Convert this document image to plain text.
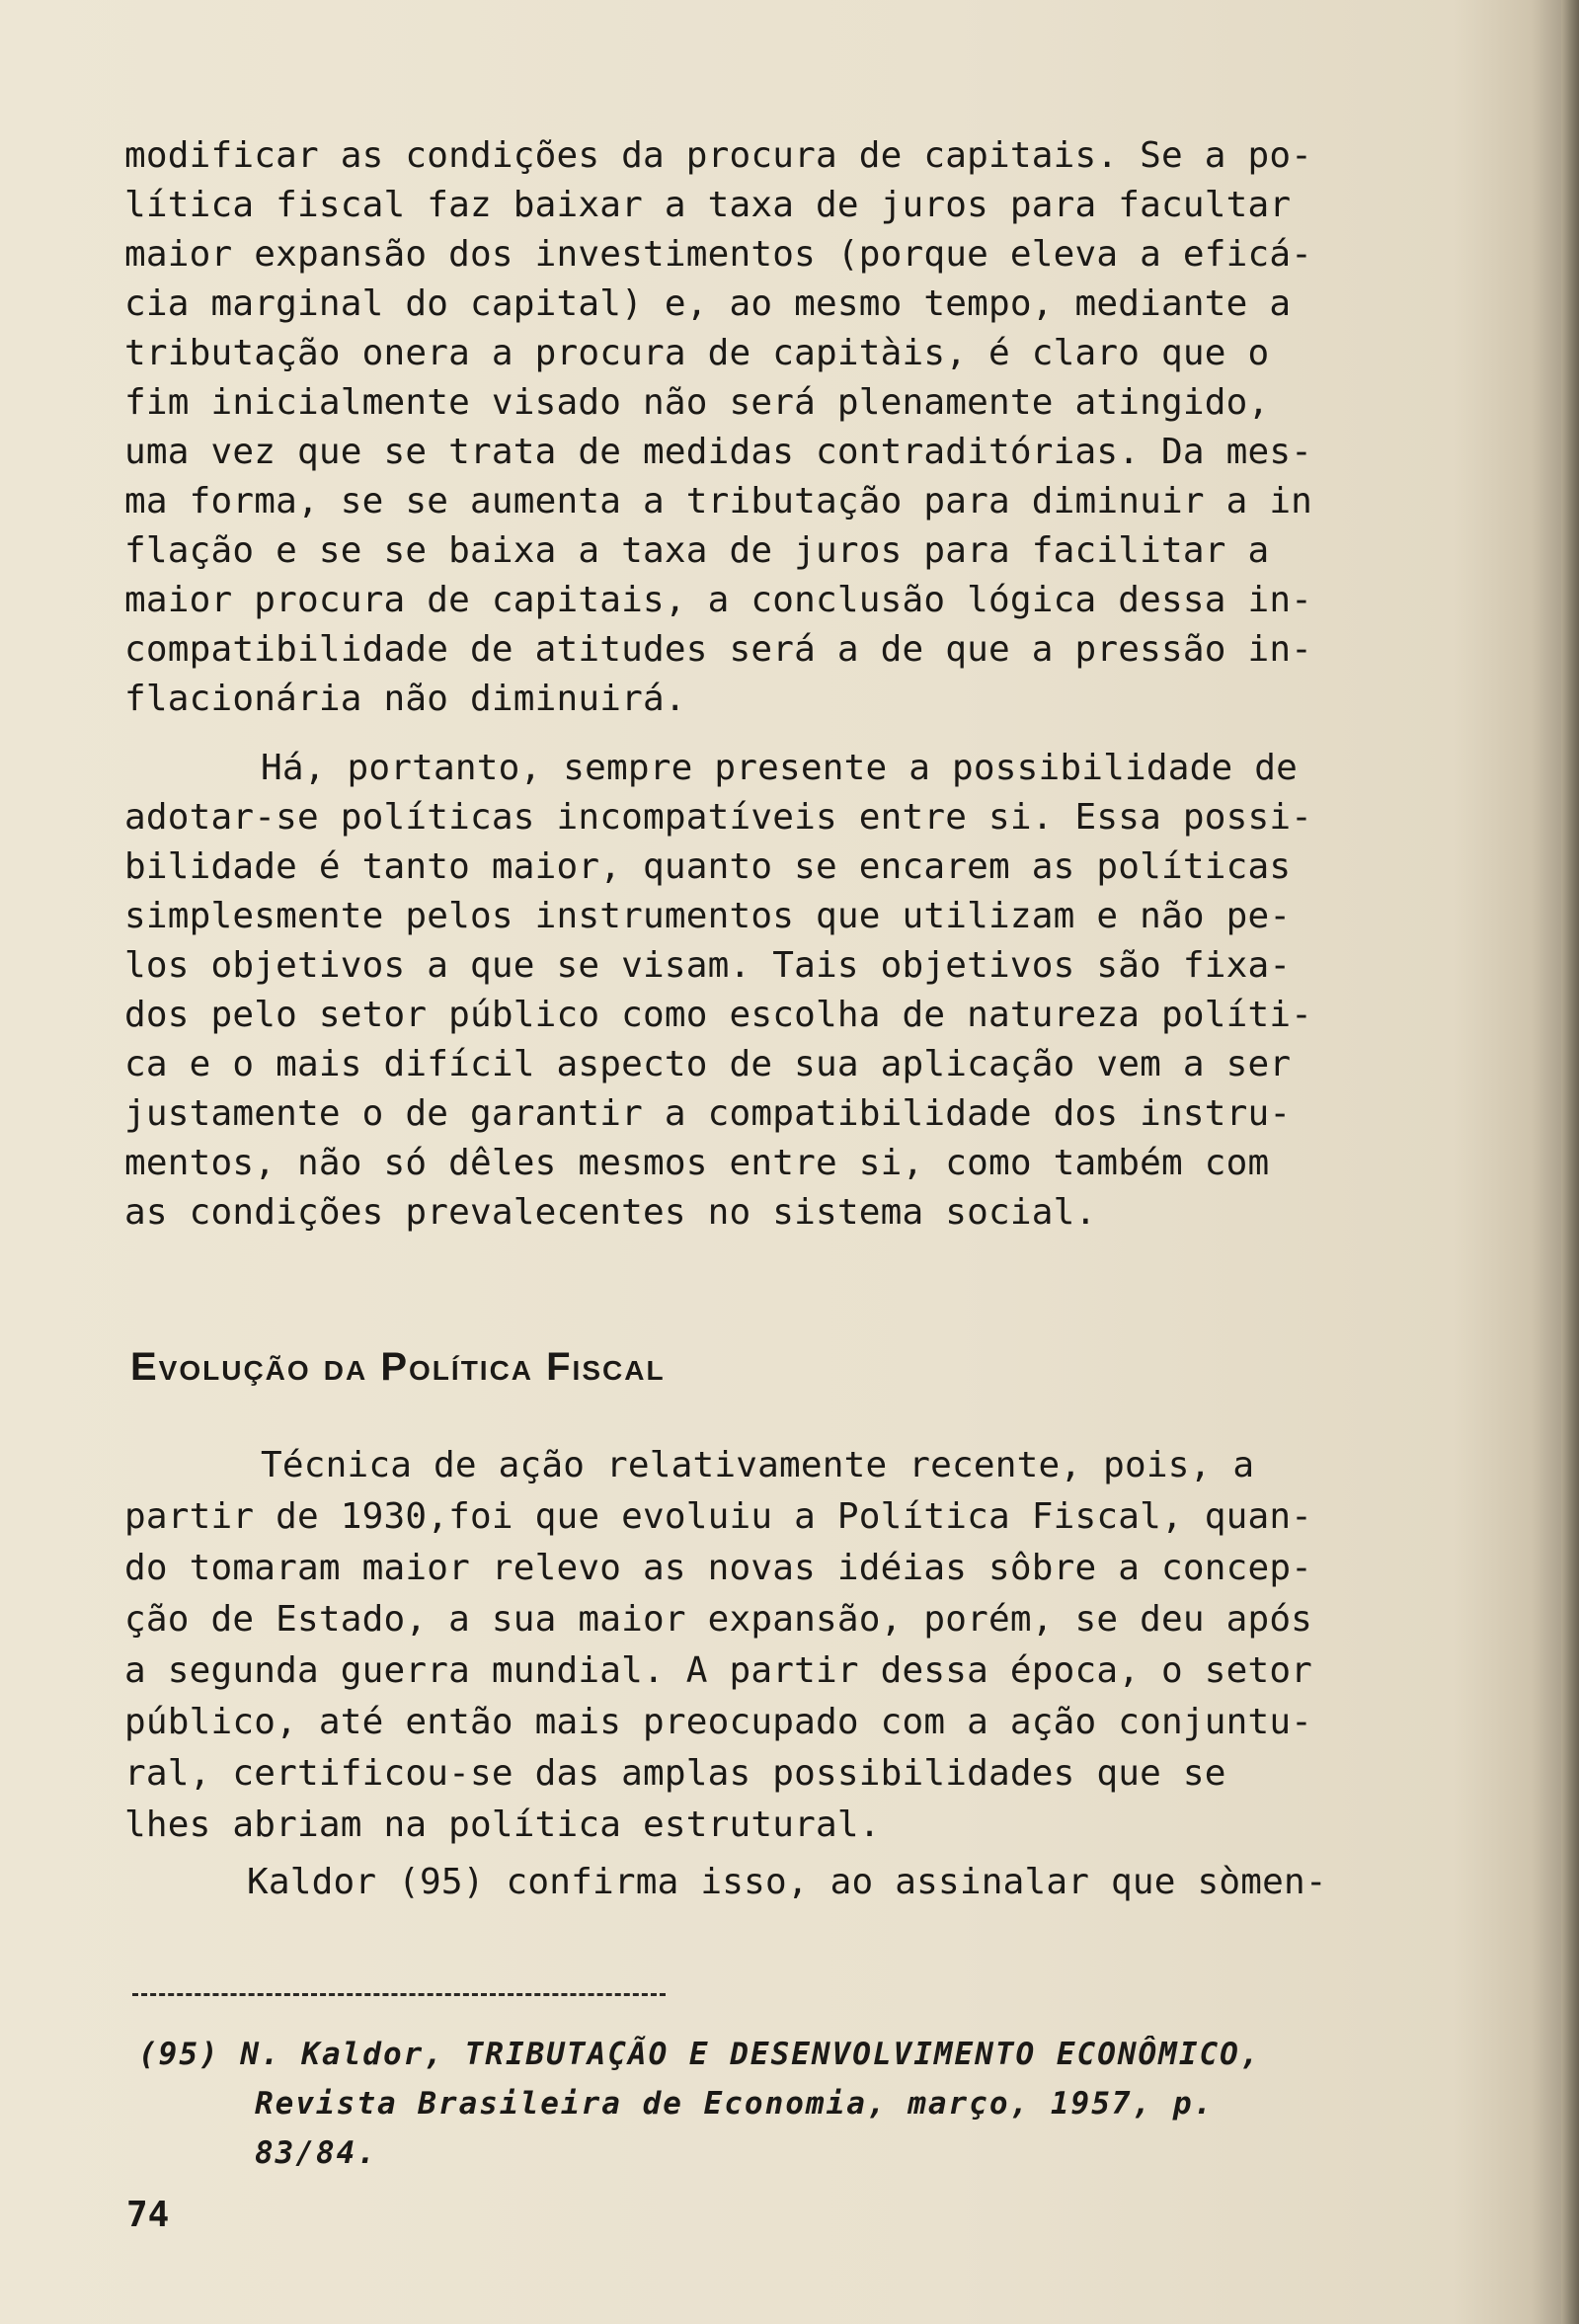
modificar as condições da procura de capitais. Se a po-

lítica fiscal faz baixar a taxa de juros para facultar

maior expansão dos investimentos (porque eleva a eficá-

cia marginal do capital) e, ao mesmo tempo, mediante a

tributação onera a procura de capitàis, é claro que o

fim inicialmente visado não será plenamente atingido,

uma vez que se trata de medidas contraditórias. Da mes-

ma forma, se se aumenta a tributação para diminuir a in

flação e se se baixa a taxa de juros para facilitar a

maior procura de capitais, a conclusão lógica dessa in-

compatibilidade de atitudes será a de que a pressão in-

flacionária não diminuirá.

Há, portanto, sempre presente a possibilidade de

adotar-se políticas incompatíveis entre si. Essa possi-

bilidade é tanto maior, quanto se encarem as políticas

simplesmente pelos instrumentos que utilizam e não pe-

los objetivos a que se visam. Tais objetivos são fixa-

dos pelo setor público como escolha de natureza políti-

ca e o mais difícil aspecto de sua aplicação vem a ser

justamente o de garantir a compatibilidade dos instru-

mentos, não só dêles mesmos entre si, como também com

as condições prevalecentes no sistema social.

Evolução da Política Fiscal

Técnica de ação relativamente recente, pois, a

partir de 1930,foi que evoluiu a Política Fiscal, quan-

do tomaram maior relevo as novas idéias sôbre a concep-

ção de Estado, a sua maior expansão, porém, se deu após

a segunda guerra mundial. A partir dessa época, o setor

público, até então mais preocupado com a ação conjuntu-

ral, certificou-se das amplas possibilidades que se

lhes abriam na política estrutural.

Kaldor (95) confirma isso, ao assinalar que sòmen-

(95) N. Kaldor, TRIBUTAÇÃO E DESENVOLVIMENTO ECONÔMICO,

Revista Brasileira de Economia, março, 1957, p.

83/84.

74
